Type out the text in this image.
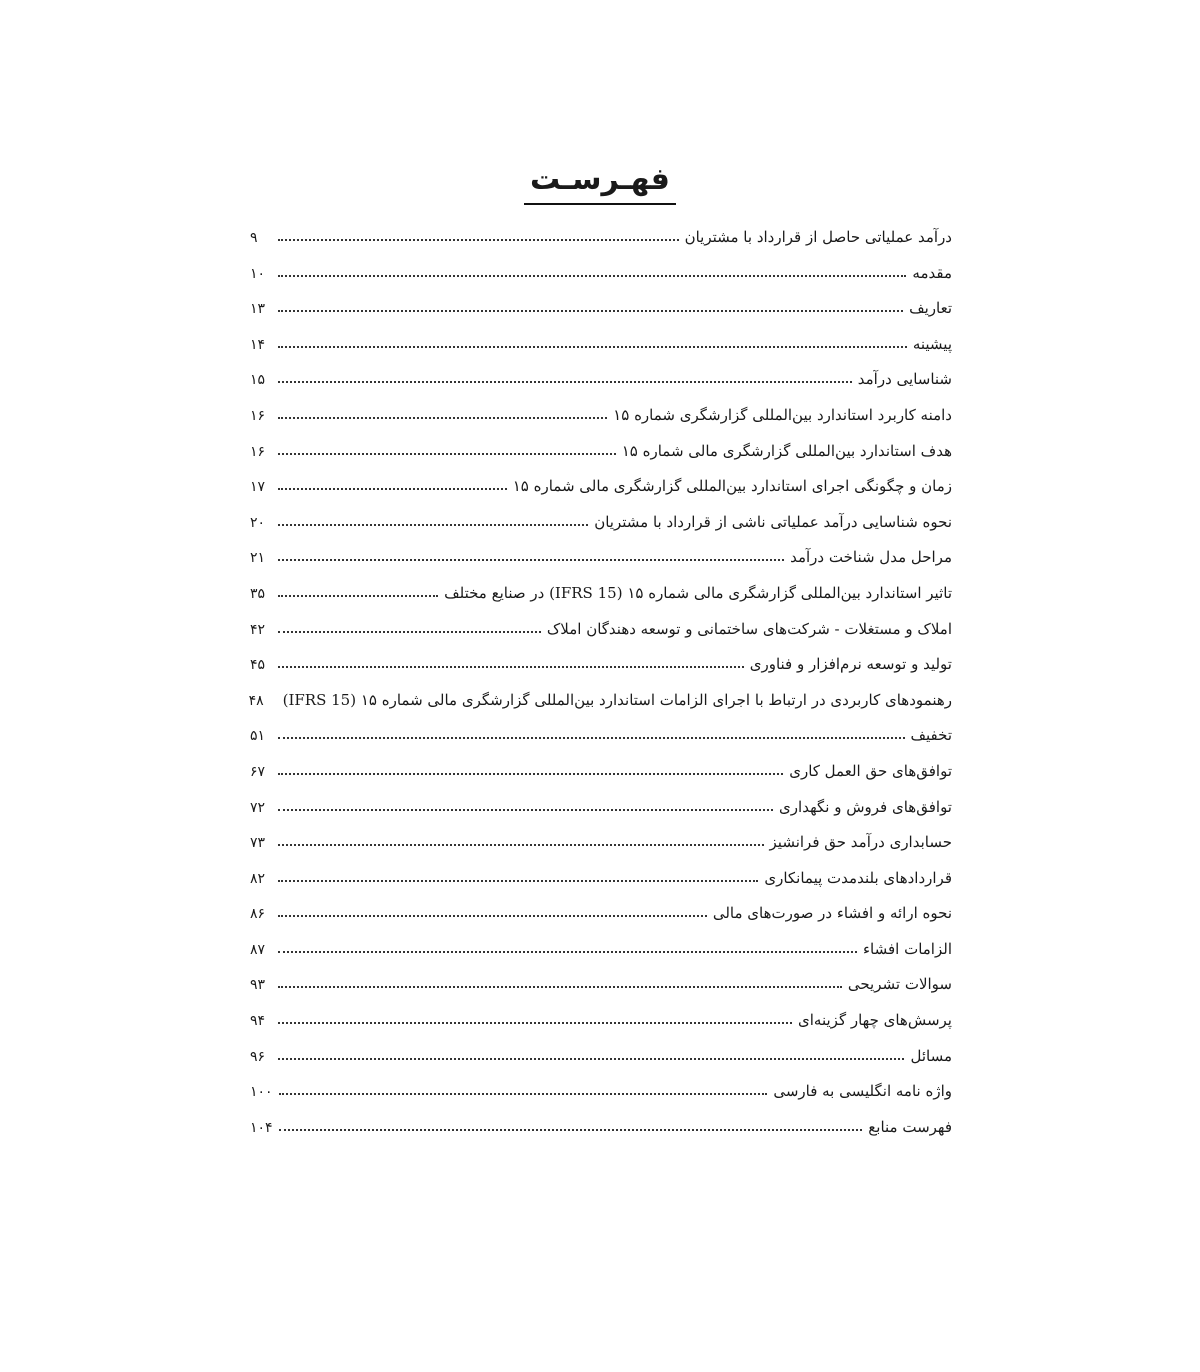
فهـرسـت
درآمد عملیاتی حاصل از قرارداد با مشتریان
۹
مقدمه
۱۰
تعاریف
۱۳
پیشینه
۱۴
شناسایی درآمد
۱۵
دامنه کاربرد استاندارد بین‌المللی گزارشگری شماره ۱۵
۱۶
هدف استاندارد بین‌المللی گزارشگری مالی شماره ۱۵
۱۶
زمان و چگونگی اجرای استاندارد بین‌المللی گزارشگری مالی شماره ۱۵
۱۷
نحوه شناسایی درآمد عملیاتی ناشی از قرارداد با مشتریان
۲۰
مراحل مدل شناخت درآمد
۲۱
تاثیر استاندارد بین‌المللی گزارشگری مالی شماره ۱۵ (IFRS 15) در صنایع مختلف
۳۵
املاک و مستغلات - شرکت‌های ساختمانی و توسعه دهندگان املاک
۴۲
تولید و توسعه نرم‌افزار و فناوری
۴۵
رهنمودهای کاربردی در ارتباط با اجرای الزامات استاندارد بین‌المللی گزارشگری مالی شماره ۱۵ (IFRS 15)
۴۸
تخفیف
۵۱
توافق‌های حق العمل کاری
۶۷
توافق‌های فروش و نگهداری
۷۲
حسابداری درآمد حق فرانشیز
۷۳
قراردادهای بلندمدت پیمانکاری
۸۲
نحوه ارائه و افشاء در صورت‌های مالی
۸۶
الزامات افشاء
۸۷
سوالات تشریحی
۹۳
پرسش‌های چهار گزینه‌ای
۹۴
مسائل
۹۶
واژه نامه انگلیسی به فارسی
۱۰۰
فهرست منابع
۱۰۴
